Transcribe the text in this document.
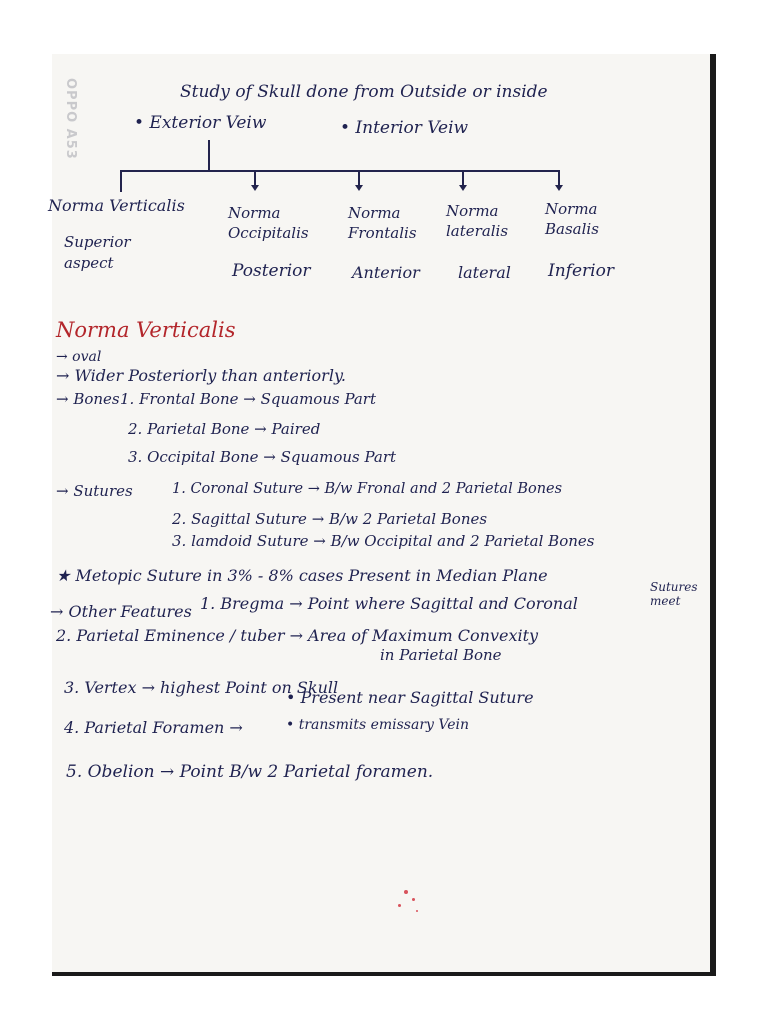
OPPO A53	Study of Skull done from Outside or inside
• Exterior Veiw	• Interior Veiw
Norma Verticalis
Superior aspect
Norma Occipitalis
Posterior
Norma Frontalis
Anterior
Norma lateralis
lateral
Norma Basalis
Inferior
Norma Verticalis
→ oval
→ Wider Posteriorly than anteriorly.
→ Bones 1. Frontal Bone → Squamous Part
2. Parietal Bone → Paired
3. Occipital Bone → Squamous Part
→ Sutures	1. Coronal Suture → B/w Fronal and 2 Parietal Bones
2. Sagittal Suture → B/w 2 Parietal Bones
3. lamdoid Suture → B/w Occipital and 2 Parietal Bones
★ Metopic Suture in 3% - 8% cases Present in Median Plane
→ Other Features 1. Bregma → Point where Sagittal and Coronal
Sutures meet
2. Parietal Eminence / tuber → Area of Maximum Convexity
in Parietal Bone
3. Vertex → highest Point on Skull
4. Parietal Foramen →
• Present near Sagittal Suture
• transmits emissary Vein
5. Obelion → Point B/w 2 Parietal foramen.
